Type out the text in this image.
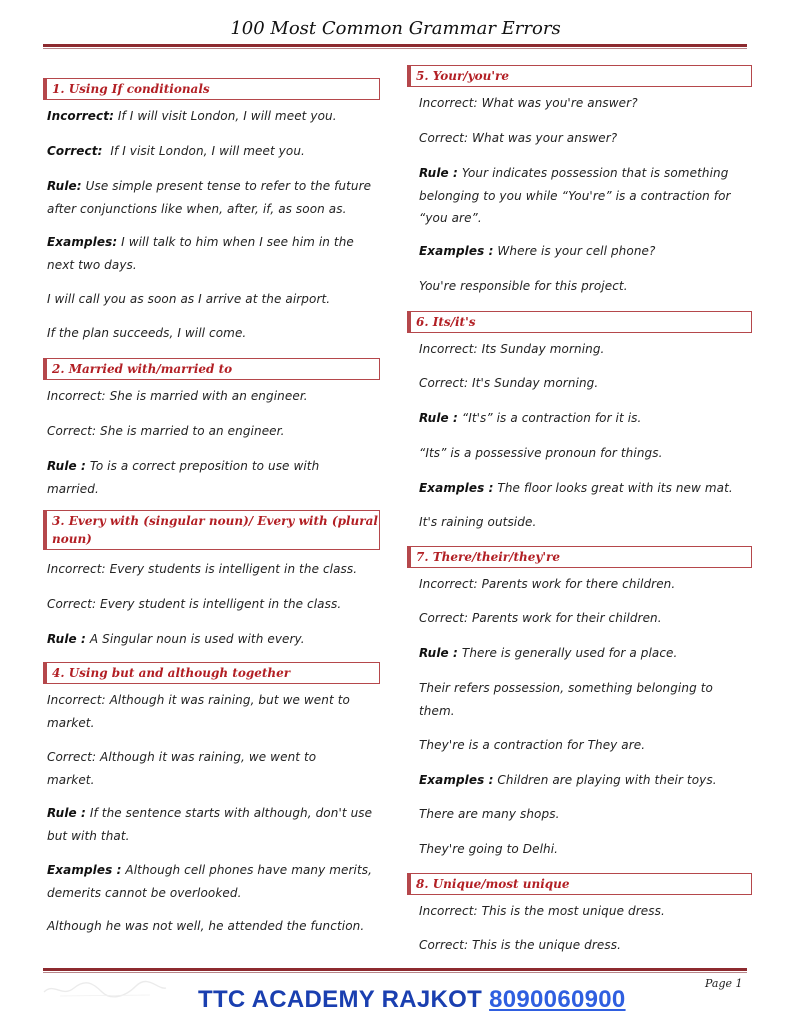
100 Most Common Grammar Errors
1. Using If conditionals
Incorrect: If I will visit London, I will meet you.
Correct:  If I visit London, I will meet you.
Rule: Use simple present tense to refer to the future after conjunctions like when, after, if, as soon as.
Examples: I will talk to him when I see him in the next two days.
I will call you as soon as I arrive at the airport.
If the plan succeeds, I will come.
2. Married with/married to
Incorrect: She is married with an engineer.
Correct: She is married to an engineer.
Rule : To is a correct preposition to use with married.
3. Every with (singular noun)/ Every with (plural noun)
Incorrect: Every students is intelligent in the class.
Correct: Every student is intelligent in the class.
Rule : A Singular noun is used with every.
4. Using but and although together
Incorrect: Although it was raining, but we went to market.
Correct: Although it was raining, we went to market.
Rule : If the sentence starts with although, don't use but with that.
Examples : Although cell phones have many merits, demerits cannot be overlooked.
Although he was not well, he attended the function.
5. Your/you're
Incorrect: What was you're answer?
Correct: What was your answer?
Rule : Your indicates possession that is something belonging to you while “You're” is a contraction for “you are”.
Examples : Where is your cell phone?
You're responsible for this project.
6. Its/it's
Incorrect: Its Sunday morning.
Correct: It's Sunday morning.
Rule : “It's” is a contraction for it is.
“Its” is a possessive pronoun for things.
Examples : The floor looks great with its new mat.
It's raining outside.
7. There/their/they're
Incorrect: Parents work for there children.
Correct: Parents work for their children.
Rule : There is generally used for a place.
Their refers possession, something belonging to them.
They're is a contraction for They are.
Examples : Children are playing with their toys.
There are many shops.
They're going to Delhi.
8. Unique/most unique
Incorrect: This is the most unique dress.
Correct: This is the unique dress.
Page 1
TTC ACADEMY RAJKOT 8090060900
